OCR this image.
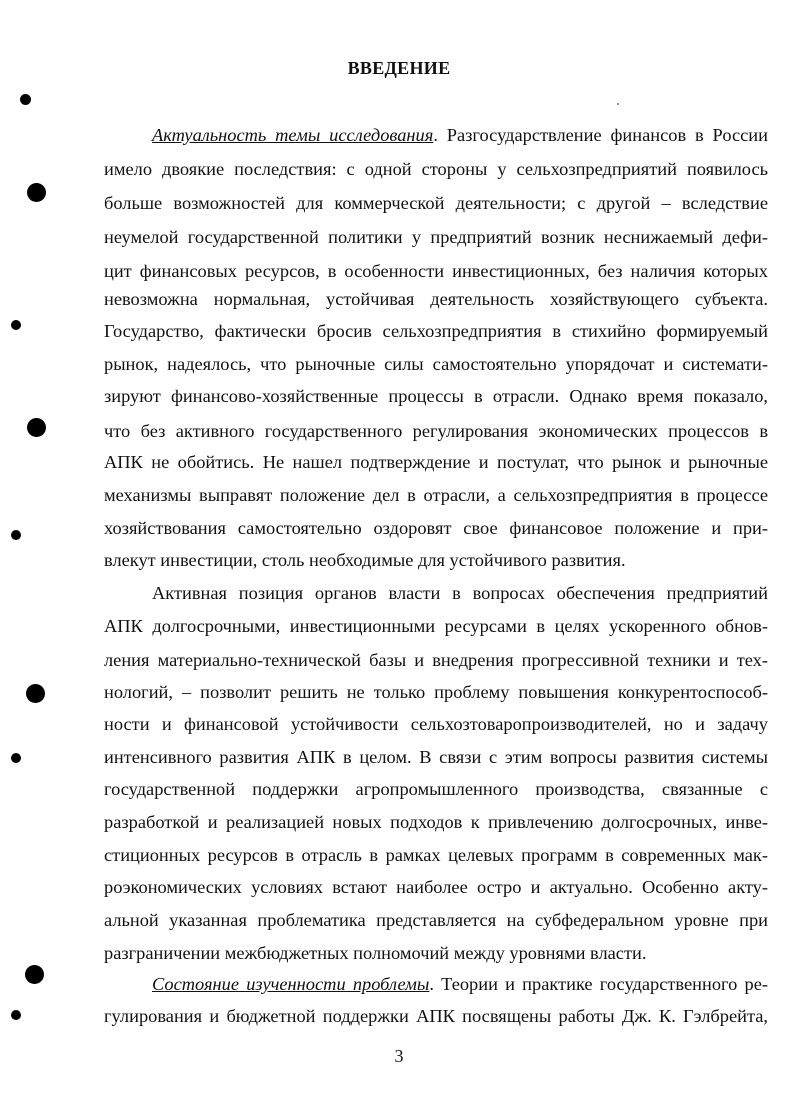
ВВЕДЕНИЕ
Актуальность темы исследования. Разгосударствление финансов в России
имело двоякие последствия: с одной стороны у сельхозпредприятий появилось
больше возможностей для коммерческой деятельности; с другой – вследствие
неумелой государственной политики у предприятий возник неснижаемый дефи-
цит финансовых ресурсов, в особенности инвестиционных, без наличия которых
невозможна нормальная, устойчивая деятельность хозяйствующего субъекта.
Государство, фактически бросив сельхозпредприятия в стихийно формируемый
рынок, надеялось, что рыночные силы самостоятельно упорядочат и системати-
зируют финансово-хозяйственные процессы в отрасли. Однако время показало,
что без активного государственного регулирования экономических процессов в
АПК не обойтись. Не нашел подтверждение и постулат, что рынок и рыночные
механизмы выправят положение дел в отрасли, а сельхозпредприятия в процессе
хозяйствования самостоятельно оздоровят свое финансовое положение и при-
влекут инвестиции, столь необходимые для устойчивого развития.
Активная позиция органов власти в вопросах обеспечения предприятий
АПК долгосрочными, инвестиционными ресурсами в целях ускоренного обнов-
ления материально-технической базы и внедрения прогрессивной техники и тех-
нологий, – позволит решить не только проблему повышения конкурентоспособ-
ности и финансовой устойчивости сельхозтоваропроизводителей, но и задачу
интенсивного развития АПК в целом. В связи с этим вопросы развития системы
государственной поддержки агропромышленного производства, связанные с
разработкой и реализацией новых подходов к привлечению долгосрочных, инве-
стиционных ресурсов в отрасль в рамках целевых программ в современных мак-
роэкономических условиях встают наиболее остро и актуально. Особенно акту-
альной указанная проблематика представляется на субфедеральном уровне при
разграничении межбюджетных полномочий между уровнями власти.
Состояние изученности проблемы. Теории и практике государственного ре-
гулирования и бюджетной поддержки АПК посвящены работы Дж. К. Гэлбрейта,
3
